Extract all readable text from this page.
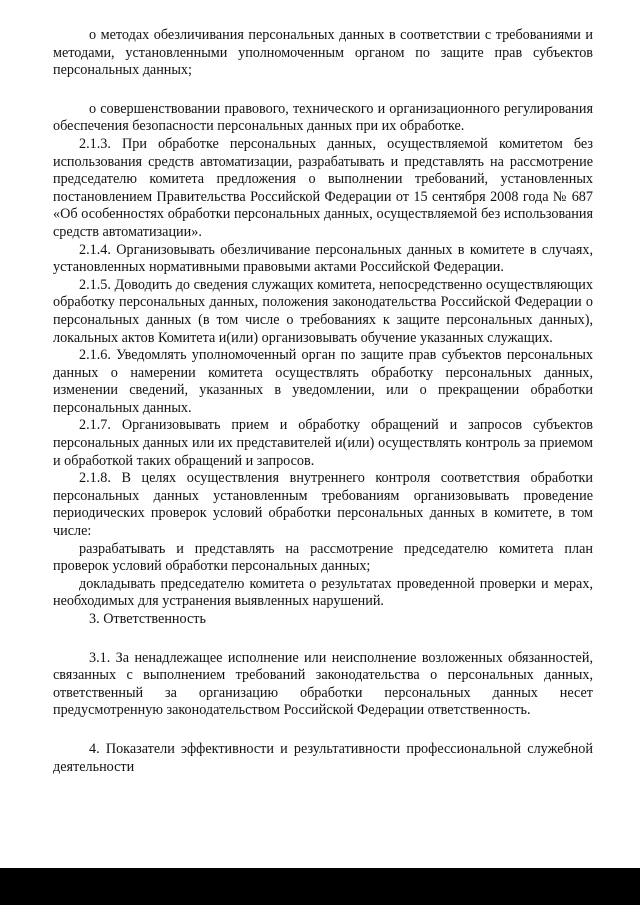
о методах обезличивания персональных данных в соответствии с требованиями и методами, установленными уполномоченным органом по защите прав субъектов персональных данных;

о совершенствовании правового, технического и организационного регулирования обеспечения безопасности персональных данных при их обработке.

2.1.3. При обработке персональных данных, осуществляемой комитетом без использования средств автоматизации, разрабатывать и представлять на рассмотрение председателю комитета предложения о выполнении требований, установленных постановлением Правительства Российской Федерации от 15 сентября 2008 года № 687 «Об особенностях обработки персональных данных, осуществляемой без использования средств автоматизации».

2.1.4. Организовывать обезличивание персональных данных в комитете в случаях, установленных нормативными правовыми актами Российской Федерации.

2.1.5. Доводить до сведения служащих комитета, непосредственно осуществляющих обработку персональных данных, положения законодательства Российской Федерации о персональных данных (в том числе о требованиях к защите персональных данных), локальных актов Комитета и(или) организовывать обучение указанных служащих.

2.1.6. Уведомлять уполномоченный орган по защите прав субъектов персональных данных о намерении комитета осуществлять обработку персональных данных, изменении сведений, указанных в уведомлении, или о прекращении обработки персональных данных.

2.1.7. Организовывать прием и обработку обращений и запросов субъектов персональных данных или их представителей и(или) осуществлять контроль за приемом и обработкой таких обращений и запросов.

2.1.8. В целях осуществления внутреннего контроля соответствия обработки персональных данных установленным требованиям организовывать проведение периодических проверок условий обработки персональных данных в комитете, в том числе:

разрабатывать и представлять на рассмотрение председателю комитета план проверок условий обработки персональных данных;

докладывать председателю комитета о результатах проведенной проверки и мерах, необходимых для устранения выявленных нарушений.

3. Ответственность

3.1. За ненадлежащее исполнение или неисполнение возложенных обязанностей, связанных с выполнением требований законодательства о персональных данных, ответственный за организацию обработки персональных данных несет предусмотренную законодательством Российской Федерации ответственность.

4. Показатели эффективности и результативности профессиональной служебной деятельности
